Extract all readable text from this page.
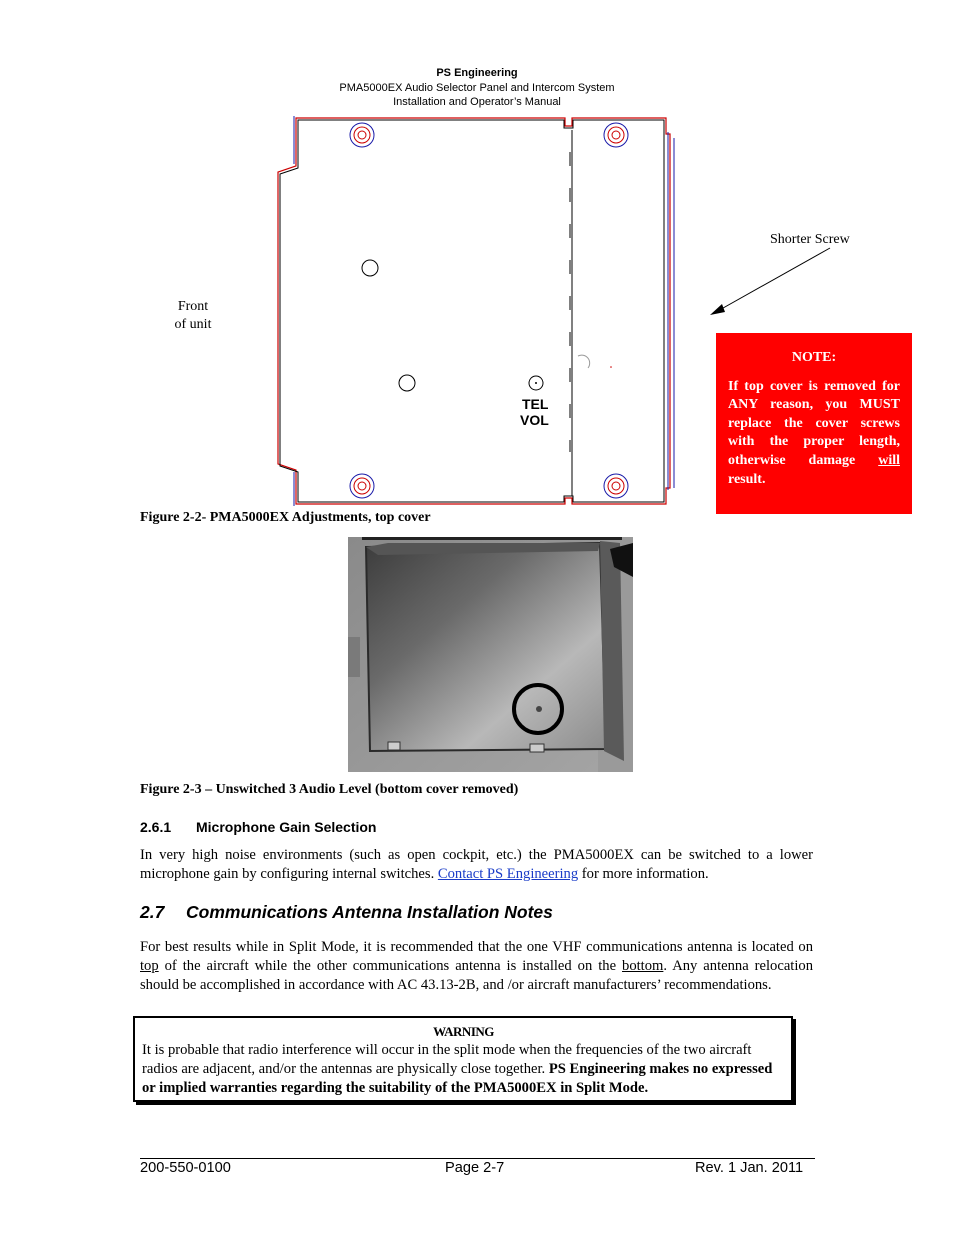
PS Engineering
PMA5000EX Audio Selector Panel and Intercom System
Installation and Operator’s Manual
TEL
VOL
Shorter Screw
Front
of unit
NOTE:
If top cover is removed for ANY reason, you MUST replace the cover screws with the proper length, otherwise damage will result.
Figure 2-2- PMA5000EX Adjustments, top cover
Figure 2-3 – Unswitched 3 Audio Level (bottom cover removed)
2.6.1 Microphone Gain Selection
In very high noise environments (such as open cockpit, etc.) the PMA5000EX can be switched to a lower microphone gain by configuring internal switches. Contact PS Engineering for more information.
2.7 Communications Antenna Installation Notes
For best results while in Split Mode, it is recommended that the one VHF communications antenna is located on top of the aircraft while the other communications antenna is installed on the bottom. Any antenna relocation should be accomplished in accordance with AC 43.13-2B, and /or aircraft manufacturers’ recommendations.
WARNING
It is probable that radio interference will occur in the split mode when the frequencies of the two aircraft radios are adjacent, and/or the antennas are physically close together. PS Engineering makes no expressed or implied warranties regarding the suitability of the PMA5000EX in Split Mode.
200-550-0100	Page 2-7	Rev. 1 Jan. 2011
